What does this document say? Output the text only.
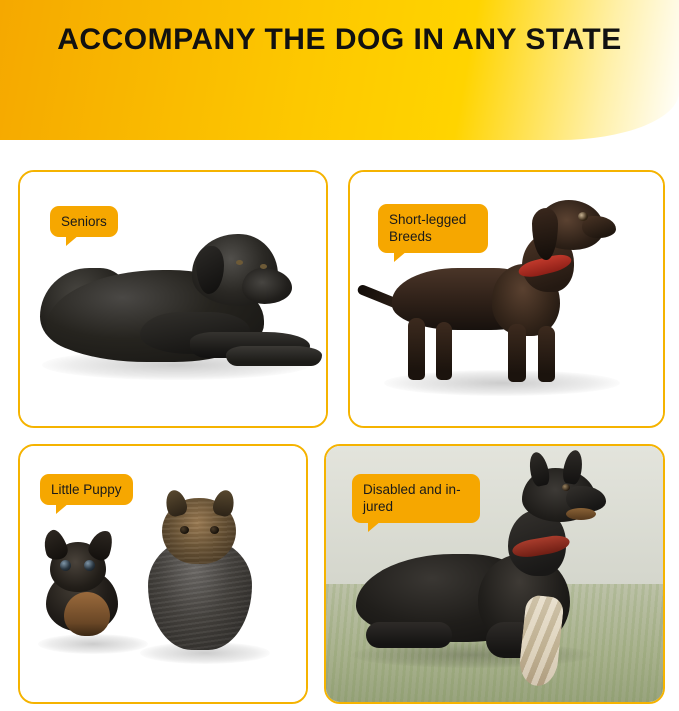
ACCOMPANY THE DOG IN ANY STATE
Seniors	Short-legged Breeds
Little Puppy	Disabled and in-jured
